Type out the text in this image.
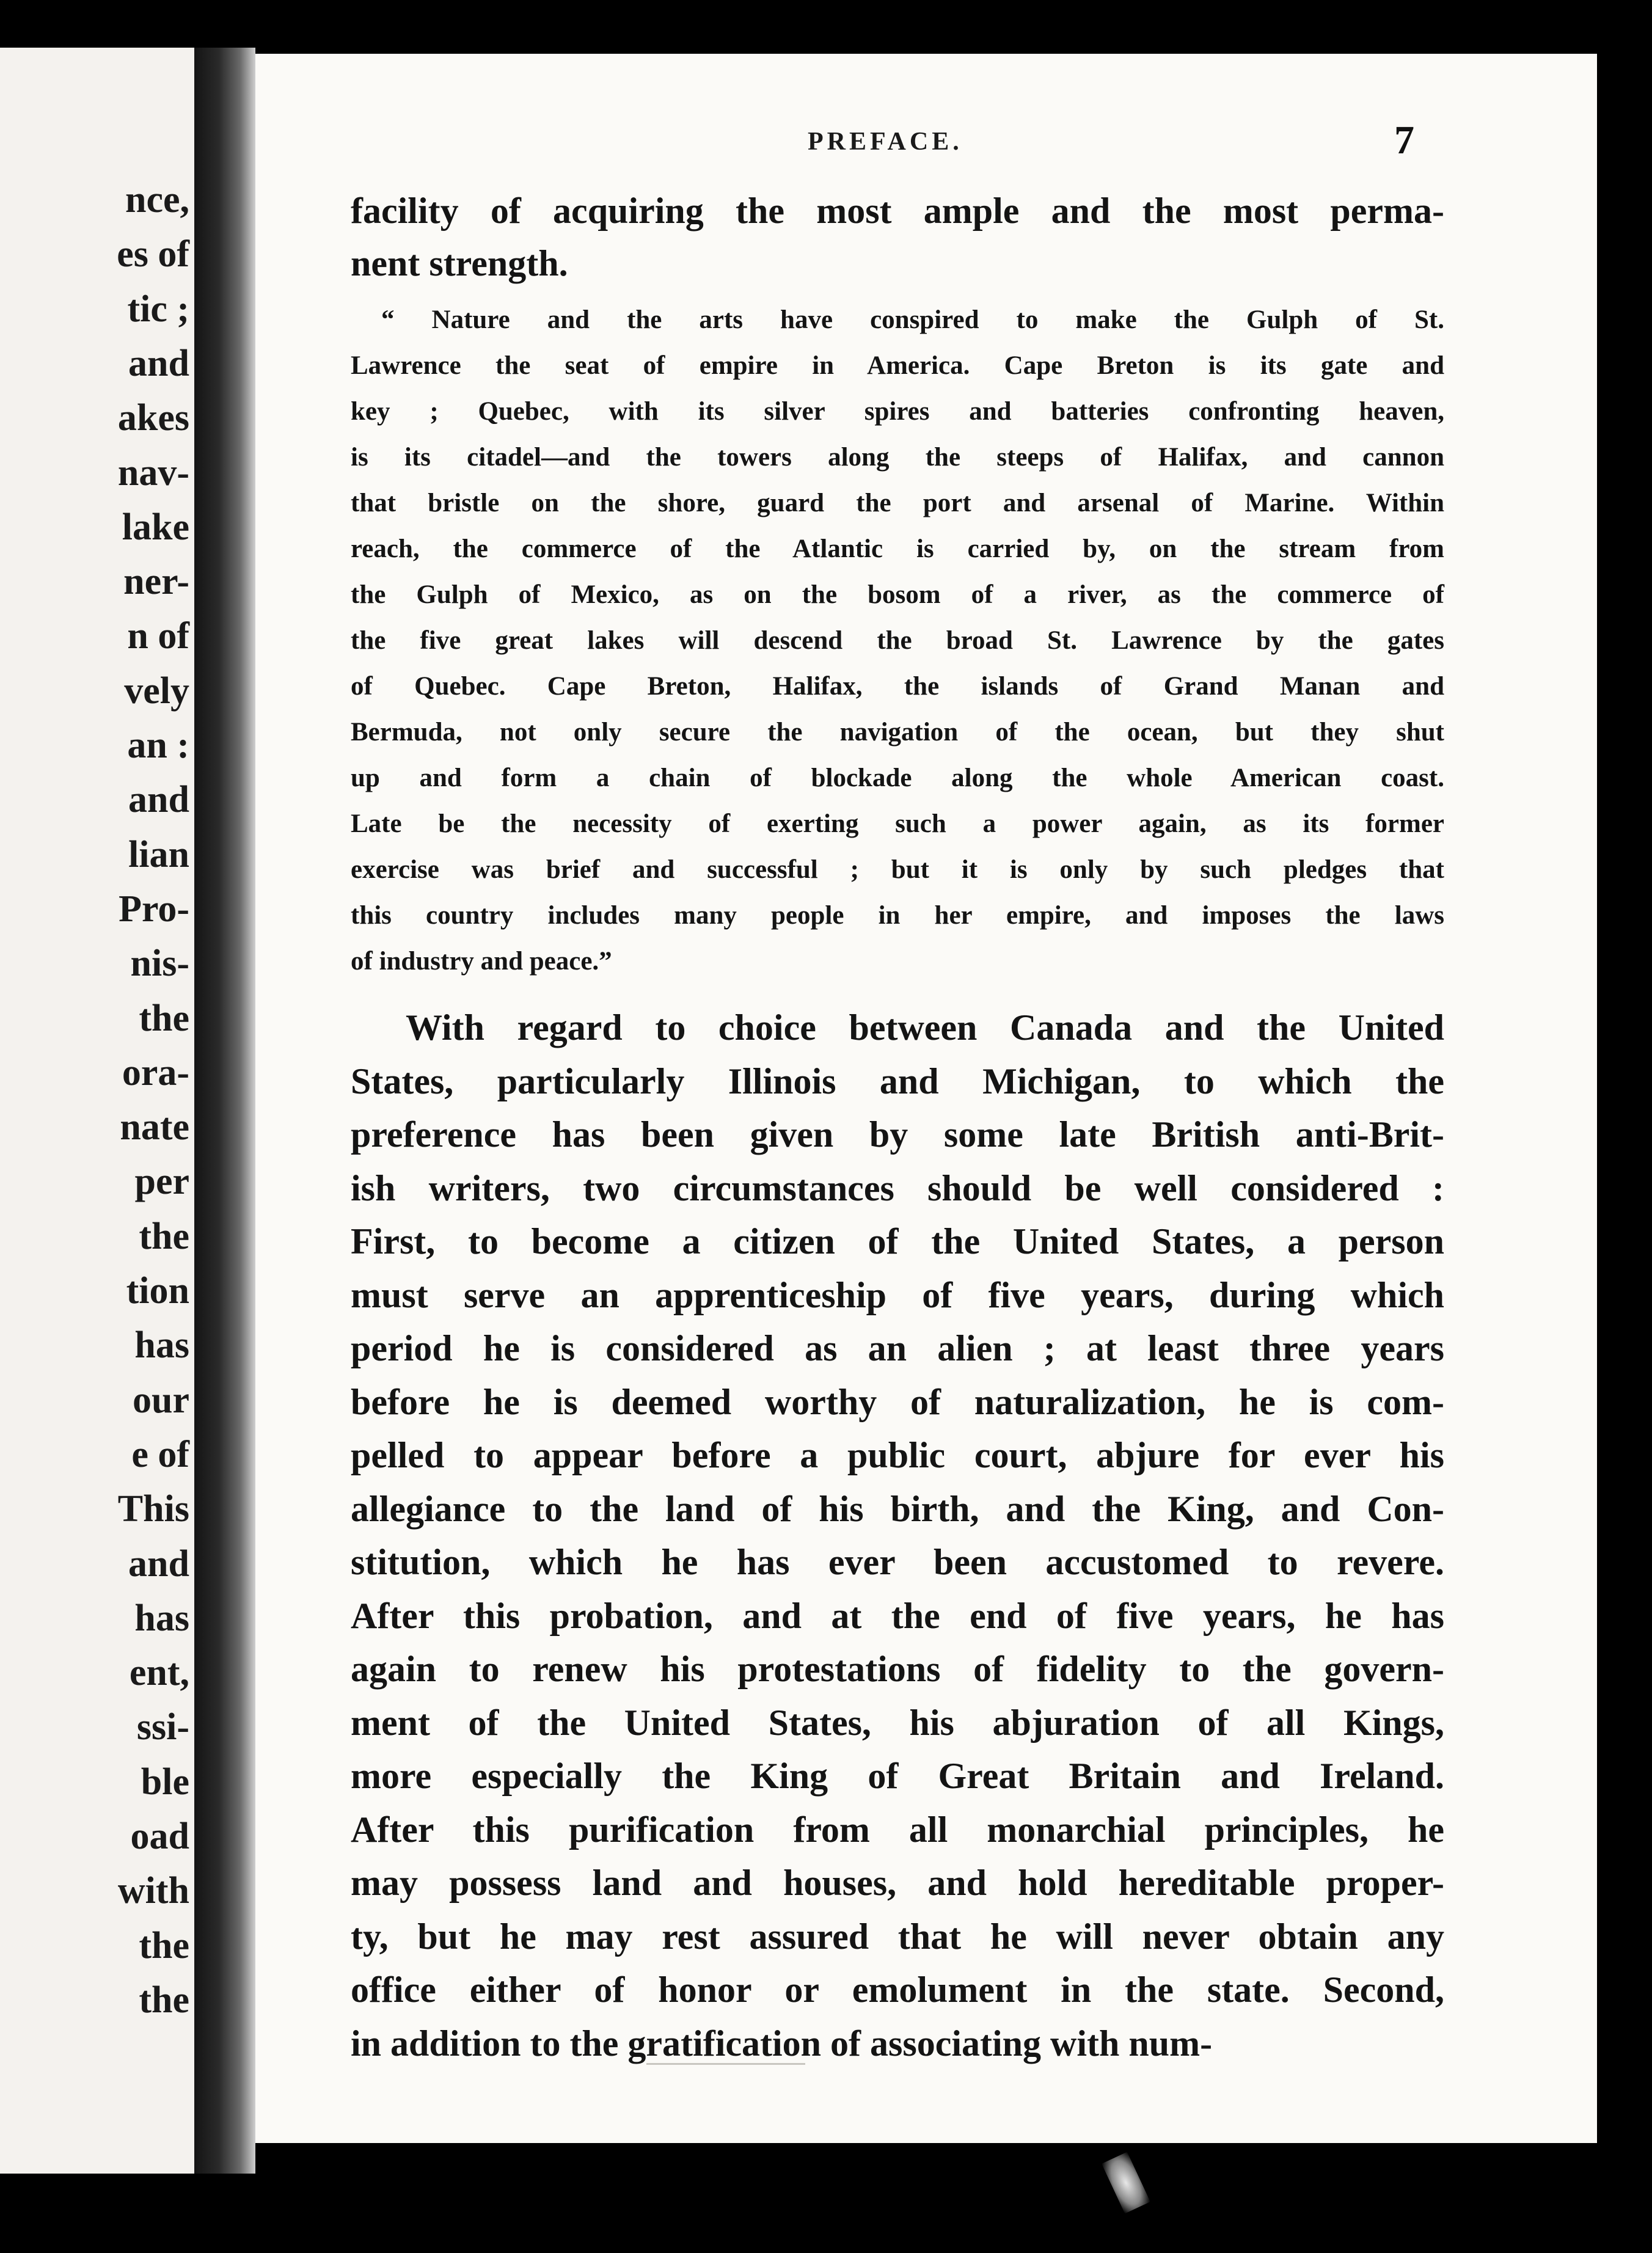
nce,
es of
tic ;
and
akes
nav-
lake
ner-
n of
vely
an :
and
lian
Pro-
nis-
the
ora-
nate
per
the
tion
has
our
e of
This
and
has
ent,
ssi-
ble
oad
with
the
the
PREFACE.	7
facility of acquiring the most ample and the most perma-
nent strength.
“ Nature and the arts have conspired to make the Gulph of St.
Lawrence the seat of empire in America. Cape Breton is its gate and
key ; Quebec, with its silver spires and batteries confronting heaven,
is its citadel—and the towers along the steeps of Halifax, and cannon
that bristle on the shore, guard the port and arsenal of Marine. Within
reach, the commerce of the Atlantic is carried by, on the stream from
the Gulph of Mexico, as on the bosom of a river, as the commerce of
the five great lakes will descend the broad St. Lawrence by the gates
of Quebec. Cape Breton, Halifax, the islands of Grand Manan and
Bermuda, not only secure the navigation of the ocean, but they shut
up and form a chain of blockade along the whole American coast.
Late be the necessity of exerting such a power again, as its former
exercise was brief and successful ; but it is only by such pledges that
this country includes many people in her empire, and imposes the laws
of industry and peace.”
With regard to choice between Canada and the United
States, particularly Illinois and Michigan, to which the
preference has been given by some late British anti-Brit-
ish writers, two circumstances should be well considered :
First, to become a citizen of the United States, a person
must serve an apprenticeship of five years, during which
period he is considered as an alien ; at least three years
before he is deemed worthy of naturalization, he is com-
pelled to appear before a public court, abjure for ever his
allegiance to the land of his birth, and the King, and Con-
stitution, which he has ever been accustomed to revere.
After this probation, and at the end of five years, he has
again to renew his protestations of fidelity to the govern-
ment of the United States, his abjuration of all Kings,
more especially the King of Great Britain and Ireland.
After this purification from all monarchial principles, he
may possess land and houses, and hold hereditable proper-
ty, but he may rest assured that he will never obtain any
office either of honor or emolument in the state. Second,
in addition to the gratification of associating with num-
